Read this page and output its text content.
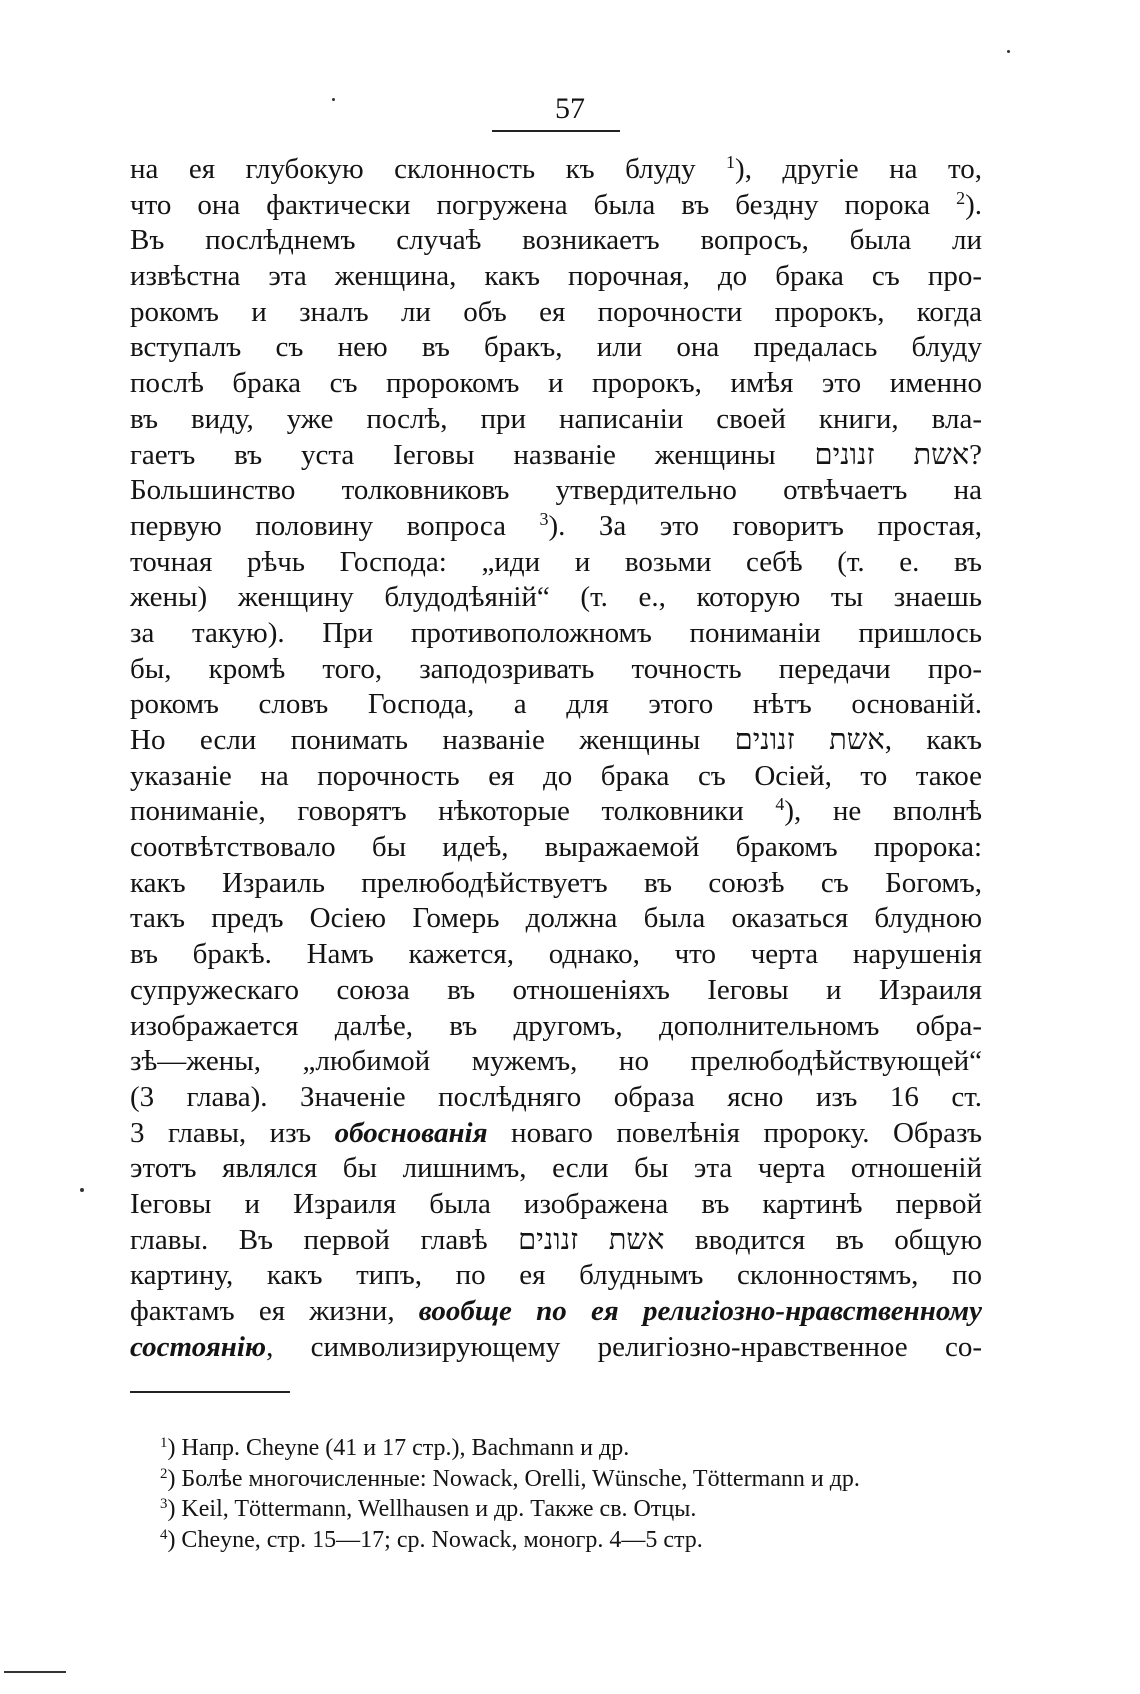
57
на ея глубокую склонность къ блуду $^1$), другіе на то,
что она фактически погружена была въ бездну порока $^2$).
Въ послѣднемъ случаѣ возникаетъ вопросъ, была ли
извѣстна эта женщина, какъ порочная, до брака съ про-
рокомъ и зналъ ли объ ея порочности пророкъ, когда
вступалъ съ нею въ бракъ, или она предалась блуду
послѣ брака съ пророкомъ и пророкъ, имѣя это именно
въ виду, уже послѣ, при написаніи своей книги, вла-
гаетъ въ уста Іеговы названіе женщины אשת זנונים?
Большинство толковниковъ утвердительно отвѣчаетъ на
первую половину вопроса $^3$). За это говоритъ простая,
точная рѣчь Господа: „иди и возьми себѣ (т. е. въ
жены) женщину блудодѣяній“ (т. е., которую ты знаешь
за такую). При противоположномъ пониманіи пришлось
бы, кромѣ того, заподозривать точность передачи про-
рокомъ словъ Господа, а для этого нѣтъ основаній.
Но если понимать названіе женщины אשת זנונים, какъ
указаніе на порочность ея до брака съ Осіей, то такое
пониманіе, говорятъ нѣкоторые толковники $^4$), не вполнѣ
соотвѣтствовало бы идеѣ, выражаемой бракомъ пророка:
какъ Израиль прелюбодѣйствуетъ въ союзѣ съ Богомъ,
такъ предъ Осіею Гомерь должна была оказаться блудною
въ бракѣ. Намъ кажется, однако, что черта нарушенія
супружескаго союза въ отношеніяхъ Іеговы и Израиля
изображается далѣе, въ другомъ, дополнительномъ обра-
зѣ—жены, „любимой мужемъ, но прелюбодѣйствующей“
(3 глава). Значеніе послѣдняго образа ясно изъ 16 ст.
3 главы, изъ обоснованія новаго повелѣнія пророку. Образъ
этотъ являлся бы лишнимъ, если бы эта черта отношеній
Іеговы и Израиля была изображена въ картинѣ первой
главы. Въ первой главѣ אשת זנונים вводится въ общую
картину, какъ типъ, по ея блуднымъ склонностямъ, по
фактамъ ея жизни, вообще по ея религіозно-нравственному
состоянію, символизирующему религіозно-нравственное со-
$^1$) Напр. Cheyne (41 и 17 стр.), Bachmann и др.
$^2$) Болѣе многочисленные: Nowack, Orelli, Wünsche, Töttermann и др.
$^3$) Keil, Töttermann, Wellhausen и др. Также св. Отцы.
$^4$) Cheyne, стр. 15—17; ср. Nowack, моногр. 4—5 стр.
